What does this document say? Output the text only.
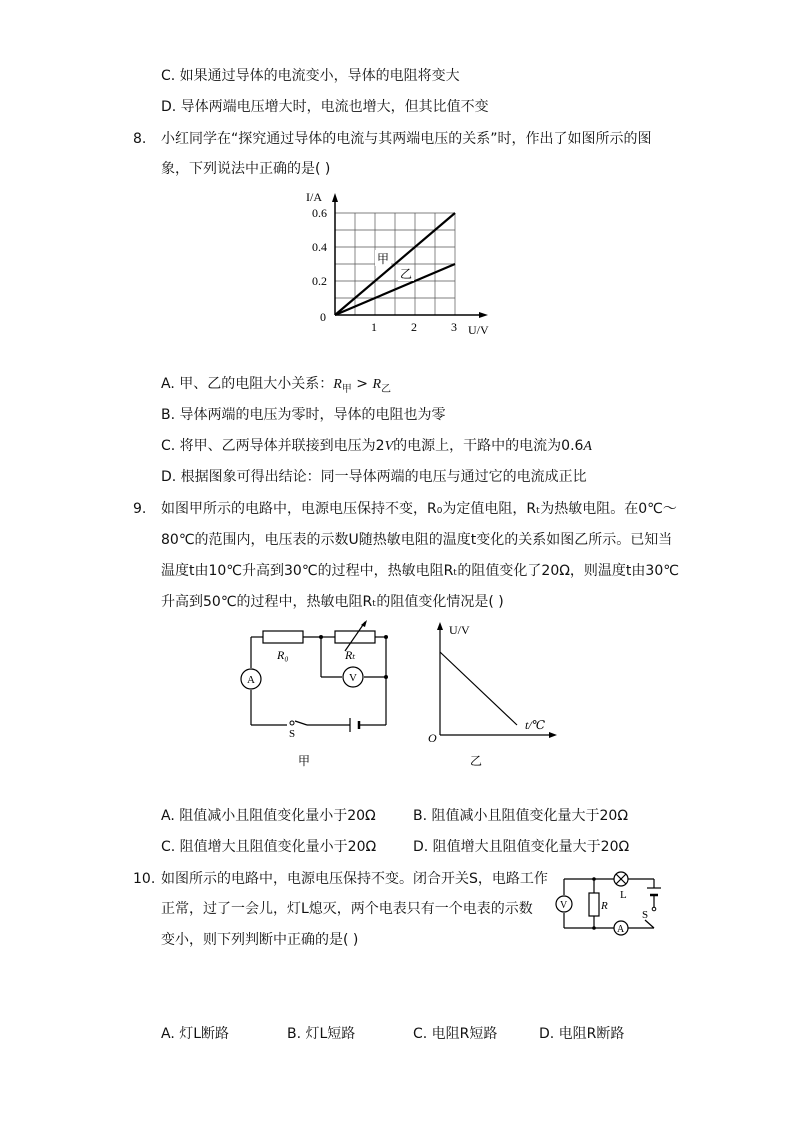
C. 如果通过导体的电流变小，导体的电阻将变大
D. 导体两端电压增大时，电流也增大，但其比值不变
8. 小红同学在“探究通过导体的电流与其两端电压的关系”时，作出了如图所示的图
象，下列说法中正确的是( )
I/A
U/V
0
0.2
0.4
0.6
1	2	3
甲
乙
A. 甲、乙的电阻大小关系：$R_甲 > R_乙$
B. 导体两端的电压为零时，导体的电阻也为零
C. 将甲、乙两导体并联接到电压为2V的电源上，干路中的电流为0.6A
D. 根据图象可得出结论：同一导体两端的电压与通过它的电流成正比
9. 如图甲所示的电路中，电源电压保持不变，R₀为定值电阻，Rₜ为热敏电阻。在0℃～
80℃的范围内，电压表的示数U随热敏电阻的温度t变化的关系如图乙所示。已知当
温度t由10℃升高到30℃的过程中，热敏电阻Rₜ的阻值变化了20Ω，则温度t由30℃
升高到50℃的过程中，热敏电阻Rₜ的阻值变化情况是( )
R₀	Rₜ
A	V
S
甲
U/V
t/℃
O
乙
A. 阻值减小且阻值变化量小于20Ω	B. 阻值减小且阻值变化量大于20Ω
C. 阻值增大且阻值变化量小于20Ω	D. 阻值增大且阻值变化量大于20Ω
10. 如图所示的电路中，电源电压保持不变。闭合开关S，电路工作
正常，过了一会儿，灯L熄灭，两个电表只有一个电表的示数
变小，则下列判断中正确的是( )
V	R
L
S
A
A. 灯L断路	B. 灯L短路	C. 电阻R短路	D. 电阻R断路
